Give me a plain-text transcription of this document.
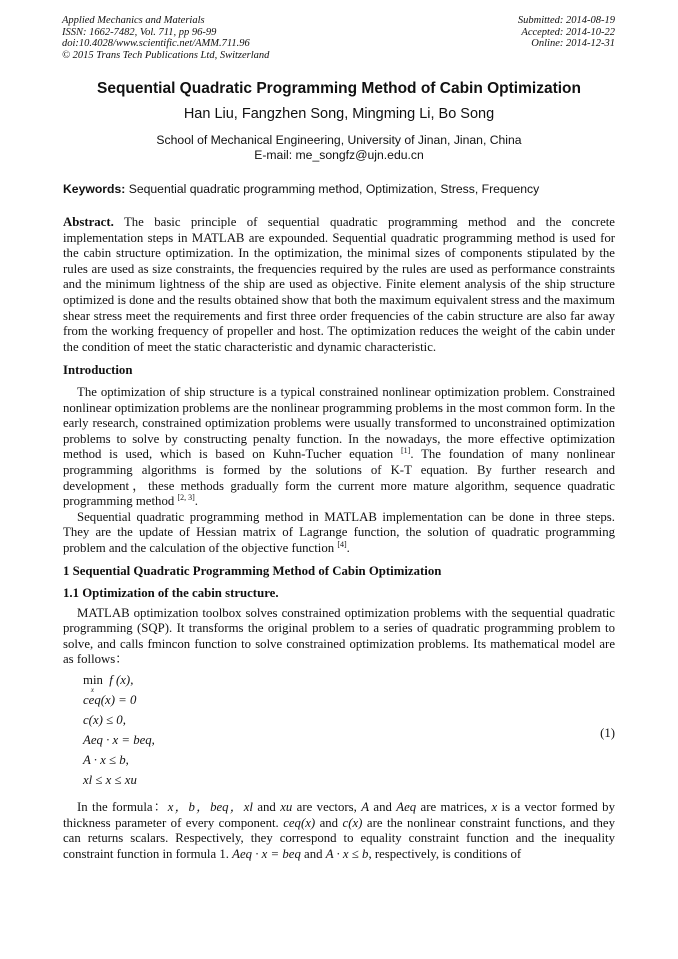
Applied Mechanics and Materials
ISSN: 1662-7482, Vol. 711, pp 96-99
doi:10.4028/www.scientific.net/AMM.711.96
© 2015 Trans Tech Publications Ltd, Switzerland
Submitted: 2014-08-19
Accepted: 2014-10-22
Online: 2014-12-31
Sequential Quadratic Programming Method of Cabin Optimization
Han Liu, Fangzhen Song, Mingming Li, Bo Song
School of Mechanical Engineering, University of Jinan, Jinan, China
E-mail: me_songfz@ujn.edu.cn
Keywords: Sequential quadratic programming method, Optimization, Stress, Frequency

Abstract. The basic principle of sequential quadratic programming method and the concrete implementation steps in MATLAB are expounded. Sequential quadratic programming method is used for the cabin structure optimization. In the optimization, the minimal sizes of components stipulated by the rules are used as size constraints, the frequencies required by the rules are used as performance constraints and the minimum lightness of the ship are used as objective. Finite element analysis of the ship structure optimized is done and the results obtained show that both the maximum equivalent stress and the maximum shear stress meet the requirements and first three order frequencies of the cabin structure are also far away from the working frequency of propeller and host. The optimization reduces the weight of the cabin under the condition of meet the static characteristic and dynamic characteristic.

Introduction

The optimization of ship structure is a typical constrained nonlinear optimization problem. Constrained nonlinear optimization problems are the nonlinear programming problems in the most common form. In the early research, constrained optimization problems were usually transformed to unconstrained optimization problems to solve by constructing penalty function. In the nowadays, the more effective optimization method is used, which is based on Kuhn-Tucher equation [1]. The foundation of many nonlinear programming algorithms is formed by the solutions of K-T equation. By further research and development，these methods gradually form the current more mature algorithm, sequence quadratic programming method [2, 3].

Sequential quadratic programming method in MATLAB implementation can be done in three steps. They are the update of Hessian matrix of Lagrange function, the solution of quadratic programming problem and the calculation of the objective function [4].

1 Sequential Quadratic Programming Method of Cabin Optimization
1.1 Optimization of the cabin structure.

MATLAB optimization toolbox solves constrained optimization problems with the sequential quadratic programming (SQP). It transforms the original problem to a series of quadratic programming problem to solve, and calls fmincon function to solve constrained optimization problems. Its mathematical model are as follows：

$\min_x f$ (x),
ceq(x) = 0
c(x) ≤ 0,
Aeq · x = beq,
A · x ≤ b,
xl ≤ x ≤ xu
(1)

In the formula：x，b，beq，xl and xu are vectors, A and Aeq are matrices, x is a vector formed by thickness parameter of every component. ceq(x) and c(x) are the nonlinear constraint functions, and they can returns scalars. Respectively, they correspond to equality constraint function and the inequality constraint function in formula 1. Aeq · x = beq and A · x ≤ b, respectively, is conditions of
